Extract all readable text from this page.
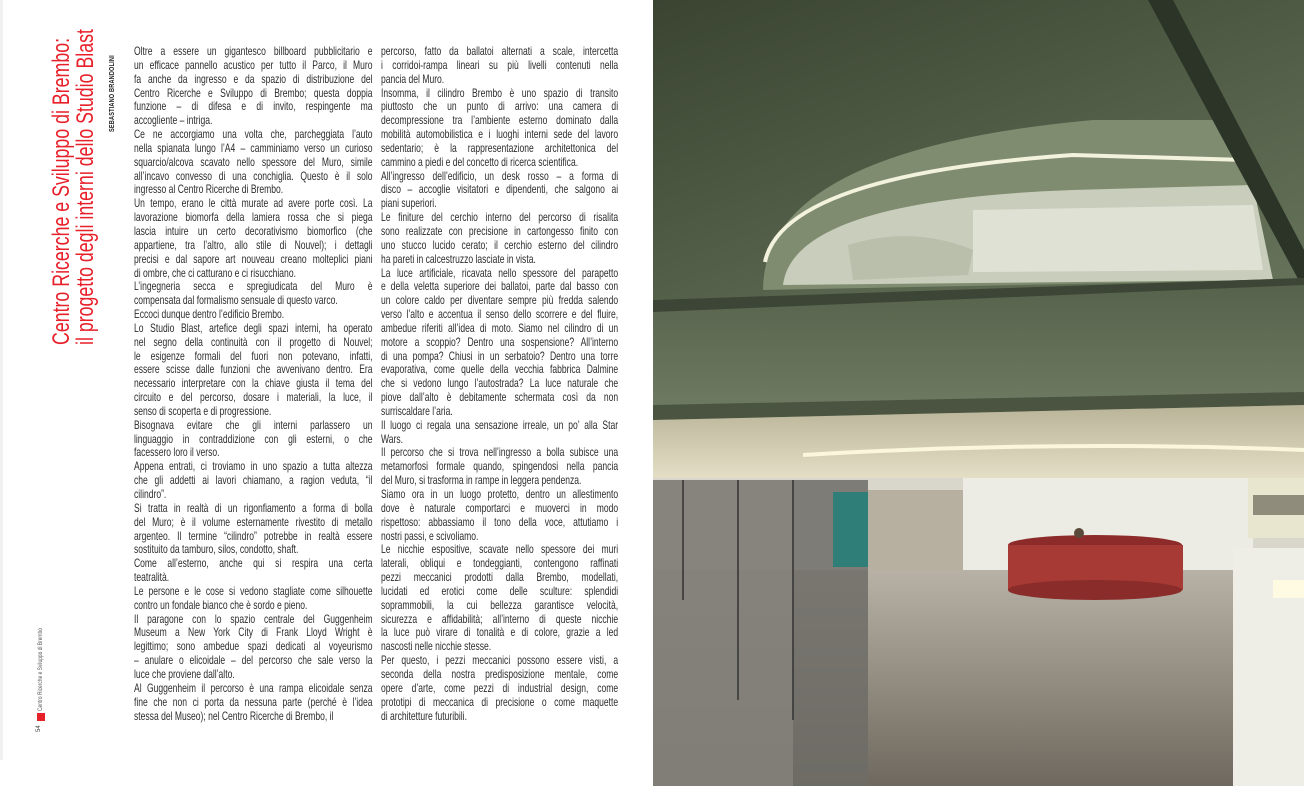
Centro Ricerche e Sviluppo di Brembo:
il progetto degli interni dello Studio Blast SEBASTIANO BRANDOLINI
Centro Ricerche e Sviluppo di Brembo
54
Oltre a essere un gigantesco billboard pubblicitario e
un efficace pannello acustico per tutto il Parco, il Muro
fa anche da ingresso e da spazio di distribuzione del
Centro Ricerche e Sviluppo di Brembo; questa doppia
funzione – di difesa e di invito, respingente ma
accogliente – intriga.
Ce ne accorgiamo una volta che, parcheggiata l’auto
nella spianata lungo l’A4 – camminiamo verso un curioso
squarcio/alcova scavato nello spessore del Muro, simile
all’incavo convesso di una conchiglia. Questo è il solo
ingresso al Centro Ricerche di Brembo.
Un tempo, erano le città murate ad avere porte così. La
lavorazione biomorfa della lamiera rossa che si piega
lascia intuire un certo decorativismo biomorfico (che
appartiene, tra l’altro, allo stile di Nouvel); i dettagli
precisi e dal sapore art nouveau creano molteplici piani
di ombre, che ci catturano e ci risucchiano.
L’ingegneria secca e spregiudicata del Muro è
compensata dal formalismo sensuale di questo varco.
Eccoci dunque dentro l’edificio Brembo.
Lo Studio Blast, artefice degli spazi interni, ha operato
nel segno della continuità con il progetto di Nouvel;
le esigenze formali del fuori non potevano, infatti,
essere scisse dalle funzioni che avvenivano dentro. Era
necessario interpretare con la chiave giusta il tema del
circuito e del percorso, dosare i materiali, la luce, il
senso di scoperta e di progressione.
Bisognava evitare che gli interni parlassero un
linguaggio in contraddizione con gli esterni, o che
facessero loro il verso.
Appena entrati, ci troviamo in uno spazio a tutta altezza
che gli addetti ai lavori chiamano, a ragion veduta, “il
cilindro”.
Si tratta in realtà di un rigonfiamento a forma di bolla
del Muro; è il volume esternamente rivestito di metallo
argenteo. Il termine “cilindro” potrebbe in realtà essere
sostituito da tamburo, silos, condotto, shaft.
Come all’esterno, anche qui si respira una certa
teatralità.
Le persone e le cose si vedono stagliate come silhouette
contro un fondale bianco che è sordo e pieno.
Il paragone con lo spazio centrale del Guggenheim
Museum a New York City di Frank Lloyd Wright è
legittimo; sono ambedue spazi dedicati al voyeurismo
– anulare o elicoidale – del percorso che sale verso la
luce che proviene dall’alto.
Al Guggenheim il percorso è una rampa elicoidale senza
fine che non ci porta da nessuna parte (perché è l’idea
stessa del Museo); nel Centro Ricerche di Brembo, il
percorso, fatto da ballatoi alternati a scale, intercetta
i corridoi-rampa lineari su più livelli contenuti nella
pancia del Muro.
Insomma, il cilindro Brembo è uno spazio di transito
piuttosto che un punto di arrivo: una camera di
decompressione tra l’ambiente esterno dominato dalla
mobilità automobilistica e i luoghi interni sede del lavoro
sedentario; è la rappresentazione architettonica del
cammino a piedi e del concetto di ricerca scientifica.
All’ingresso dell’edificio, un desk rosso – a forma di
disco – accoglie visitatori e dipendenti, che salgono ai
piani superiori.
Le finiture del cerchio interno del percorso di risalita
sono realizzate con precisione in cartongesso finito con
uno stucco lucido cerato; il cerchio esterno del cilindro
ha pareti in calcestruzzo lasciate in vista.
La luce artificiale, ricavata nello spessore del parapetto
e della veletta superiore dei ballatoi, parte dal basso con
un colore caldo per diventare sempre più fredda salendo
verso l’alto e accentua il senso dello scorrere e del fluire,
ambedue riferiti all’idea di moto. Siamo nel cilindro di un
motore a scoppio? Dentro una sospensione? All’interno
di una pompa? Chiusi in un serbatoio? Dentro una torre
evaporativa, come quelle della vecchia fabbrica Dalmine
che si vedono lungo l’autostrada? La luce naturale che
piove dall’alto è debitamente schermata così da non
surriscaldare l’aria.
Il luogo ci regala una sensazione irreale, un po’ alla Star
Wars.
Il percorso che si trova nell’ingresso a bolla subisce una
metamorfosi formale quando, spingendosi nella pancia
del Muro, si trasforma in rampe in leggera pendenza.
Siamo ora in un luogo protetto, dentro un allestimento
dove è naturale comportarci e muoverci in modo
rispettoso: abbassiamo il tono della voce, attutiamo i
nostri passi, e scivoliamo.
Le nicchie espositive, scavate nello spessore dei muri
laterali, obliqui e tondeggianti, contengono raffinati
pezzi meccanici prodotti dalla Brembo, modellati,
lucidati ed erotici come delle sculture: splendidi
soprammobili, la cui bellezza garantisce velocità,
sicurezza e affidabilità; all’interno di queste nicchie
la luce può virare di tonalità e di colore, grazie a led
nascosti nelle nicchie stesse.
Per questo, i pezzi meccanici possono essere visti, a
seconda della nostra predisposizione mentale, come
opere d’arte, come pezzi di industrial design, come
prototipi di meccanica di precisione o come maquette
di architetture futuribili.
